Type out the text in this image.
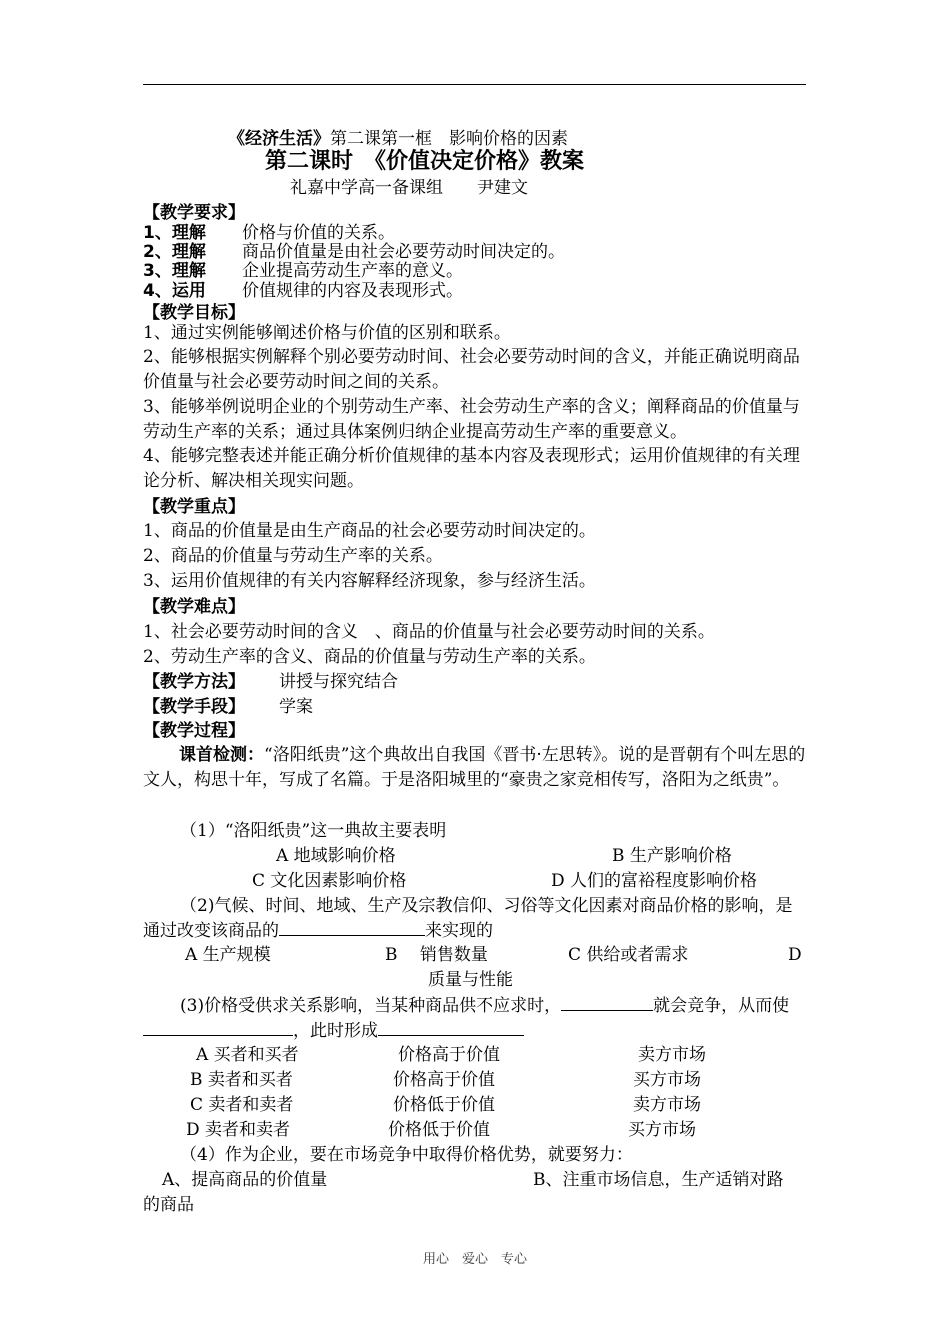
《经济生活》第二课第一框　影响价格的因素
第二课时　《价值决定价格》教案
礼嘉中学高一备课组　　尹建文
【教学要求】
1、理解 价格与价值的关系。
2、理解 商品价值量是由社会必要劳动时间决定的。
3、理解 企业提高劳动生产率的意义。
4、运用 价值规律的内容及表现形式。
【教学目标】
1、通过实例能够阐述价格与价值的区别和联系。
2、能够根据实例解释个别必要劳动时间、社会必要劳动时间的含义，并能正确说明商品价值量与社会必要劳动时间之间的关系。
3、能够举例说明企业的个别劳动生产率、社会劳动生产率的含义；阐释商品的价值量与劳动生产率的关系；通过具体案例归纳企业提高劳动生产率的重要意义。
4、能够完整表述并能正确分析价值规律的基本内容及表现形式；运用价值规律的有关理论分析、解决相关现实问题。
【教学重点】
1、商品的价值量是由生产商品的社会必要劳动时间决定的。
2、商品的价值量与劳动生产率的关系。
3、运用价值规律的有关内容解释经济现象，参与经济生活。
【教学难点】
1、社会必要劳动时间的含义　、商品的价值量与社会必要劳动时间的关系。
2、劳动生产率的含义、商品的价值量与劳动生产率的关系。
【教学方法】 讲授与探究结合
【教学手段】 学案
【教学过程】
课首检测：“洛阳纸贵”这个典故出自我国《晋书·左思转》。说的是晋朝有个叫左思的文人，构思十年，写成了名篇。于是洛阳城里的“豪贵之家竞相传写，洛阳为之纸贵”。
（1）“洛阳纸贵”这一典故主要表明
A 地域影响价格	B 生产影响价格
C 文化因素影响价格	D 人们的富裕程度影响价格
（2)气候、时间、地域、生产及宗教信仰、习俗等文化因素对商品价格的影响，是通过改变该商品的	来实现的
A 生产规模	B　 销售数量	C 供给或者需求	D
质量与性能
(3)价格受供求关系影响，当某种商品供不应求时，	就会竞争，从而使，此时形成
A 买者和买者	价格高于价值	卖方市场
B 卖者和买者	价格高于价值	买方市场
C 卖者和卖者	价格低于价值	卖方市场
D 卖者和卖者	价格低于价值	买方市场
（4）作为企业，要在市场竞争中取得价格优势，就要努力：
A、提高商品的价值量	B、注重市场信息，生产适销对路
的商品
用心　爱心　专心
